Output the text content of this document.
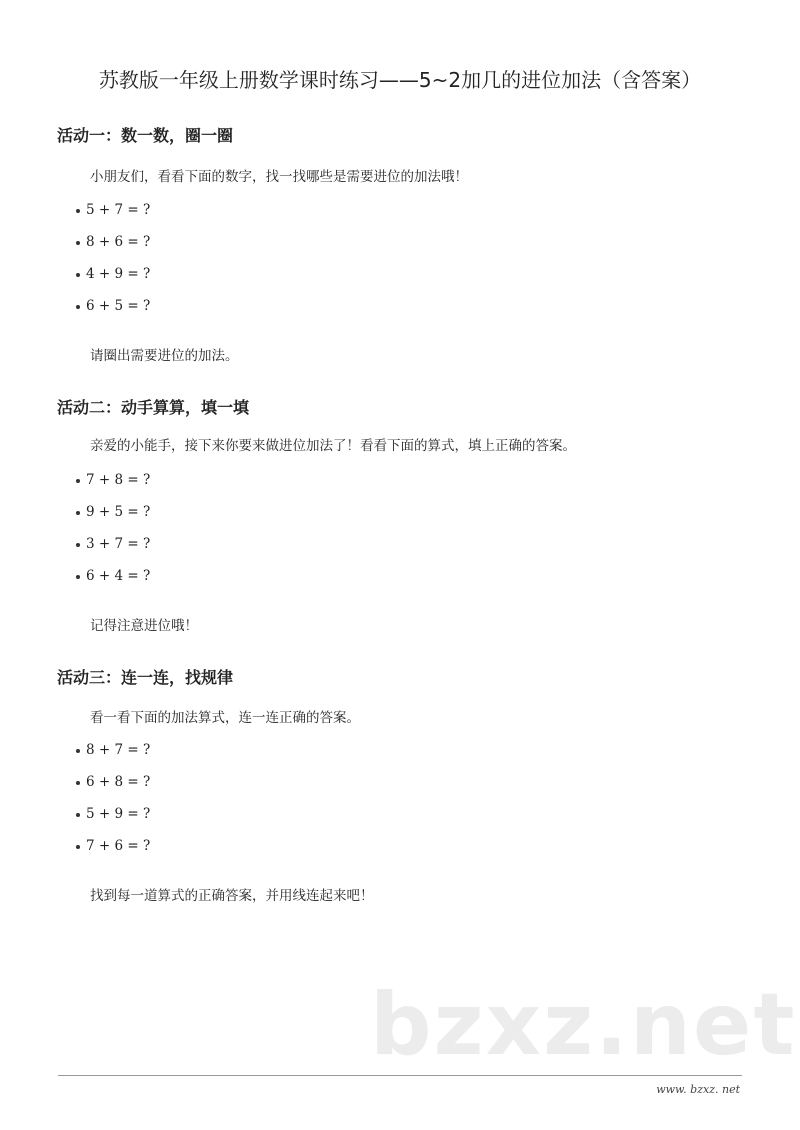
苏教版一年级上册数学课时练习——5~2加几的进位加法（含答案）
活动一：数一数，圈一圈
小朋友们，看看下面的数字，找一找哪些是需要进位的加法哦！
5 + 7 = ?
8 + 6 = ?
4 + 9 = ?
6 + 5 = ?
请圈出需要进位的加法。
活动二：动手算算，填一填
亲爱的小能手，接下来你要来做进位加法了！看看下面的算式，填上正确的答案。
7 + 8 = ?
9 + 5 = ?
3 + 7 = ?
6 + 4 = ?
记得注意进位哦！
活动三：连一连，找规律
看一看下面的加法算式，连一连正确的答案。
8 + 7 = ?
6 + 8 = ?
5 + 9 = ?
7 + 6 = ?
找到每一道算式的正确答案，并用线连起来吧！
bzxz.net
www. bzxz. net
